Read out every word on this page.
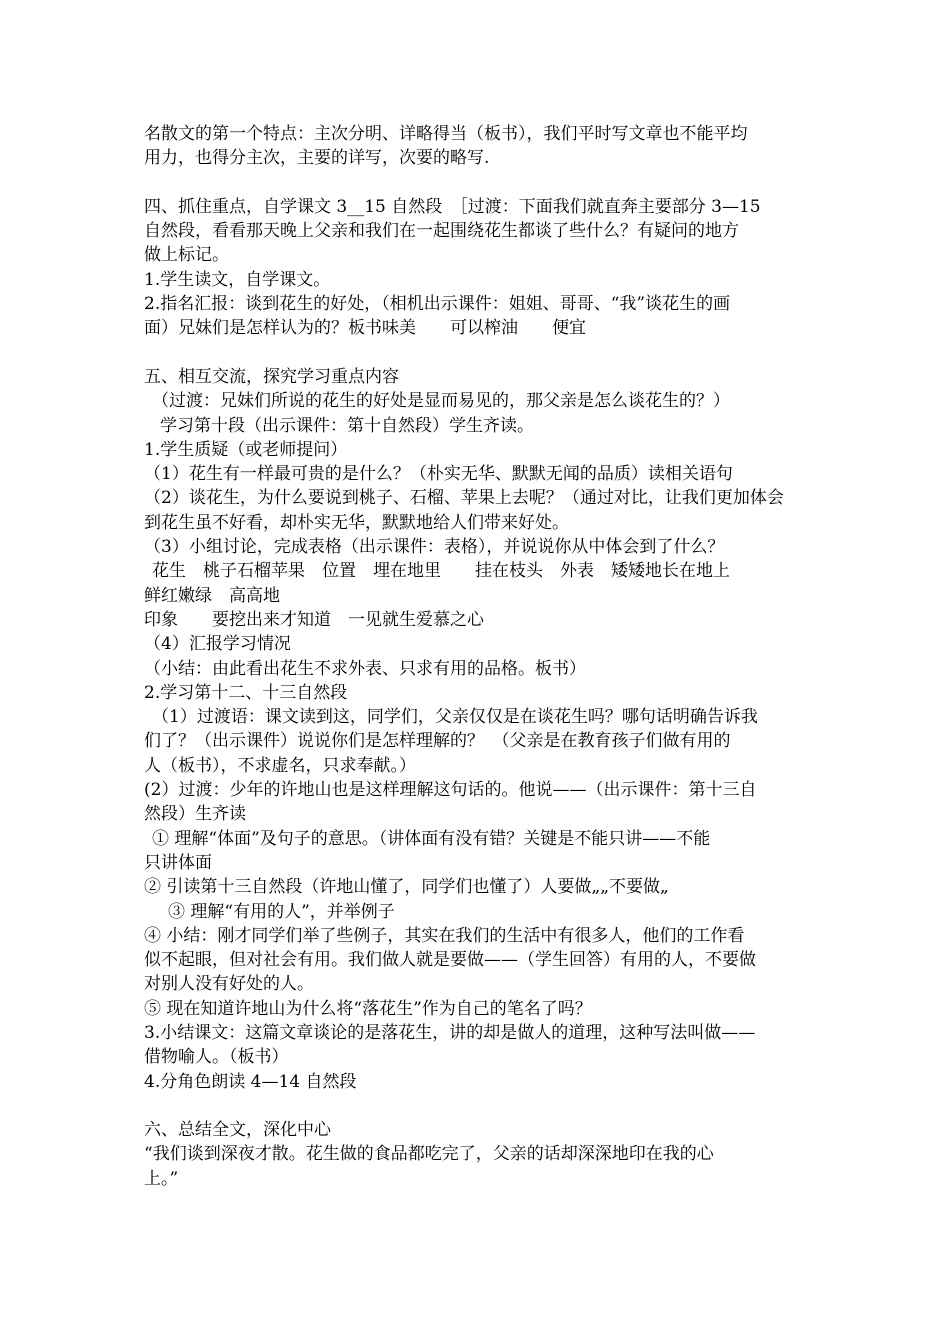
名散文的第一个特点：主次分明、详略得当（板书），我们平时写文章也不能平均
用力，也得分主次，主要的详写，次要的略写.
四、抓住重点，自学课文 3__15 自然段　［过渡：下面我们就直奔主要部分 3—15
自然段，看看那天晚上父亲和我们在一起围绕花生都谈了些什么？有疑问的地方
做上标记。
1.学生读文，自学课文。
2.指名汇报：谈到花生的好处，（相机出示课件：姐姐、哥哥、“我”谈花生的画
面）兄妹们是怎样认为的？板书味美　　可以榨油　　便宜
五、相互交流，探究学习重点内容
（过渡：兄妹们所说的花生的好处是显而易见的，那父亲是怎么谈花生的？）
学习第十段（出示课件：第十自然段）学生齐读。
1.学生质疑（或老师提问）
（1）花生有一样最可贵的是什么？（朴实无华、默默无闻的品质）读相关语句
（2）谈花生，为什么要说到桃子、石榴、苹果上去呢？（通过对比，让我们更加体会
到花生虽不好看，却朴实无华，默默地给人们带来好处。
（3）小组讨论，完成表格（出示课件：表格），并说说你从中体会到了什么？
花生　桃子石榴苹果　位置　埋在地里　　挂在枝头　外表　矮矮地长在地上
鲜红嫩绿　高高地
印象　　要挖出来才知道　一见就生爱慕之心
（4）汇报学习情况
（小结：由此看出花生不求外表、只求有用的品格。板书）
2.学习第十二、十三自然段
（1）过渡语：课文读到这，同学们，父亲仅仅是在谈花生吗？哪句话明确告诉我
们了？（出示课件）说说你们是怎样理解的？　（父亲是在教育孩子们做有用的
人（板书），不求虚名，只求奉献。）
(2）过渡：少年的许地山也是这样理解这句话的。他说——（出示课件：第十三自
然段）生齐读
① 理解“体面”及句子的意思。（讲体面有没有错？关键是不能只讲——不能
只讲体面
② 引读第十三自然段（许地山懂了，同学们也懂了）人要做„„不要做„
③ 理解“有用的人”，并举例子
④ 小结：刚才同学们举了些例子，其实在我们的生活中有很多人，他们的工作看
似不起眼，但对社会有用。我们做人就是要做——（学生回答）有用的人，不要做
对别人没有好处的人。
⑤ 现在知道许地山为什么将“落花生”作为自己的笔名了吗？
3.小结课文：这篇文章谈论的是落花生，讲的却是做人的道理，这种写法叫做——
借物喻人。（板书）
4.分角色朗读 4—14 自然段
六、总结全文，深化中心
“我们谈到深夜才散。花生做的食品都吃完了，父亲的话却深深地印在我的心
上。”
